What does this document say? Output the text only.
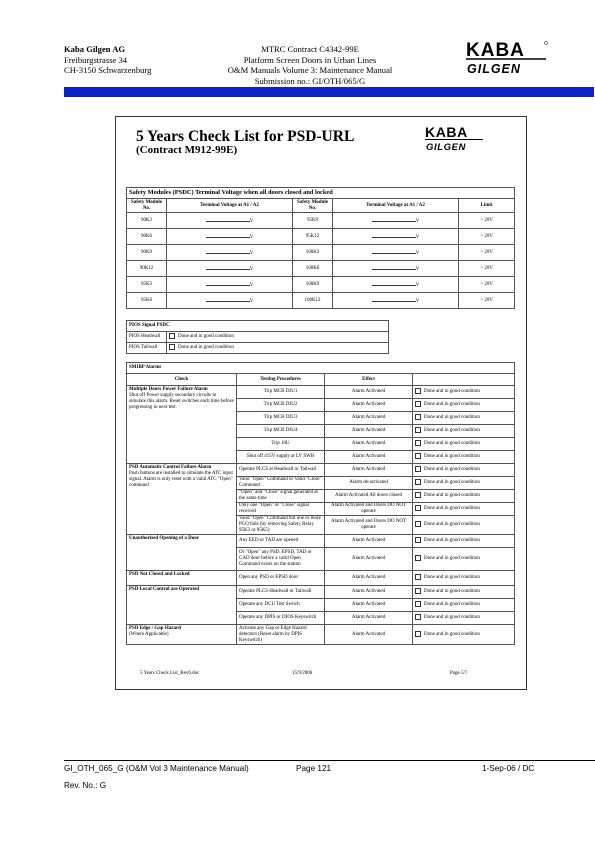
Kaba Gilgen AG
Freiburgstrasse 34
CH-3150 Schwarzenburg
MTRC Contract C4342-99E
Platform Screen Doors in Urban Lines
O&M Manuals Volume 3: Maintenance Manual
Submission no.: GI/OTH/065/G
KABA
GILGEN
5 Years Check List for PSD-URL
(Contract M912-99E)
KABA
GILGEN
Safety Modules (PSDC) Terminal Voltage when all doors closed and locked				
Safety Module No.	Terminal Voltage at A1 / A2	Safety Module No.	Terminal Voltage at A1 / A2	Limit
90K3	V	95K9	V	> 20V
90K6	V	95K12	V	> 20V
90K9	V	100K3	V	> 20V
90K12	V	100K6	V	> 20V
95K3	V	100K9	V	> 20V
95K6	V	100K12	V	> 20V
PIOS Signal PSDC	
PIOS Headwall	Done and in good condition
PIOS Tailwall	Done and in good condition
SMIBP Alarms			
Check	Testing Procedures	Effect	

Multiple Doors Power Failure Alarm
Shut off Power supply secondary circuits to simulate this alarm. Reset switches each time before progressing to next test.	Trip MCB DJU1	Alarm Activated	Done and in good condition
	Trip MCB DJU2	Alarm Activated	Done and in good condition
	Trip MCB DJU3	Alarm Activated	Done and in good condition
	Trip MCB DJU4	Alarm Activated	Done and in good condition
	Trip 10U	Alarm Activated	Done and in good condition
	Shut off 415V supply at LV SWB	Alarm Activated	Done and in good condition

PSD Automatic Control Failure Alarm
Push buttons are installed to simulate the ATC input signal. Alarm is only reset with a valid ATC "Open" command	Operate PLCS at Headwall or Tailwall	Alarm Activated	Done and in good condition
	Valid "Open" Command or Valid "Close" Command	Alarm de-activated	Done and in good condition
	"Open" and "Close" signal generated at the same time	Alarm Activated All doors closed	Done and in good condition
	Only one "Open" or "Close" signal received	Alarm Activated and Doors DO NOT operate	Done and in good condition
	Valid "Open" Command but one or more PCO fails (by removing Safety Relay 95K3 or 95K5)	Alarm Activated and Doors DO NOT operate	Done and in good condition

Unauthorised Opening of a Door	Any EED or TAD are opened	Alarm Activated	Done and in good condition
	Or "Open" any PSD, EPSD, TAD or CAD door before a valid Open Command exists on the station	Alarm Activated	Done and in good condition

PSD Not Closed and Locked	Open any PSD or EPSD door	Alarm Activated	Done and in good condition

PSD Local Control are Operated	Operate PLCS Headwall or Tailwall	Alarm Activated	Done and in good condition
	Operate any DCU Test Switch	Alarm Activated	Done and in good condition
	Operate any DPIS or DIOS Keyswitch	Alarm Activated	Done and in good condition

PSD Edge / Gap Hazard
(Where Applicable)	Activate any Gap or Edge Hazard detectors (Reset alarm by DPIS Keyswitch)	Alarm Activated	Done and in good condition
5 Years Check List_Rev6.doc	15/9/2006	Page 5/7
GI_OTH_065_G (O&M Vol 3 Maintenance Manual)	Page 121	1-Sep-06 / DC
Rev. No.: G
